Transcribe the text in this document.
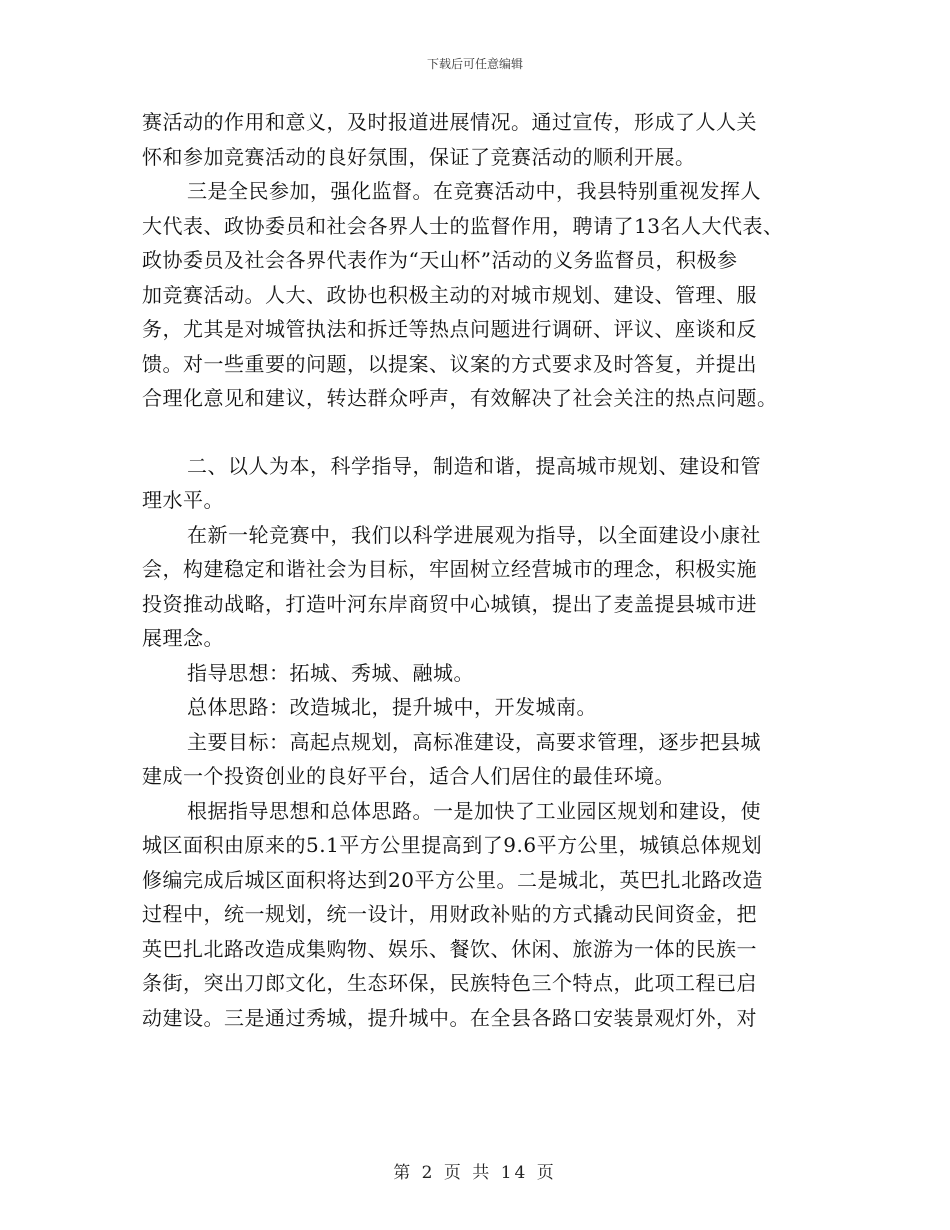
下载后可任意编辑
赛活动的作用和意义，及时报道进展情况。通过宣传，形成了人人关
怀和参加竞赛活动的良好氛围，保证了竞赛活动的顺利开展。
三是全民参加，强化监督。在竞赛活动中，我县特别重视发挥人
大代表、政协委员和社会各界人士的监督作用，聘请了13名人大代表、
政协委员及社会各界代表作为“天山杯”活动的义务监督员，积极参
加竞赛活动。人大、政协也积极主动的对城市规划、建设、管理、服
务，尤其是对城管执法和拆迁等热点问题进行调研、评议、座谈和反
馈。对一些重要的问题，以提案、议案的方式要求及时答复，并提出
合理化意见和建议，转达群众呼声，有效解决了社会关注的热点问题。
二、以人为本，科学指导，制造和谐，提高城市规划、建设和管
理水平。
在新一轮竞赛中，我们以科学进展观为指导，以全面建设小康社
会，构建稳定和谐社会为目标，牢固树立经营城市的理念，积极实施
投资推动战略，打造叶河东岸商贸中心城镇，提出了麦盖提县城市进
展理念。
指导思想：拓城、秀城、融城。
总体思路：改造城北，提升城中，开发城南。
主要目标：高起点规划，高标准建设，高要求管理，逐步把县城
建成一个投资创业的良好平台，适合人们居住的最佳环境。
根据指导思想和总体思路。一是加快了工业园区规划和建设，使
城区面积由原来的5.1平方公里提高到了9.6平方公里，城镇总体规划
修编完成后城区面积将达到20平方公里。二是城北，英巴扎北路改造
过程中，统一规划，统一设计，用财政补贴的方式撬动民间资金，把
英巴扎北路改造成集购物、娱乐、餐饮、休闲、旅游为一体的民族一
条街，突出刀郎文化，生态环保，民族特色三个特点，此项工程已启
动建设。三是通过秀城，提升城中。在全县各路口安装景观灯外，对
第 2 页 共 14 页
